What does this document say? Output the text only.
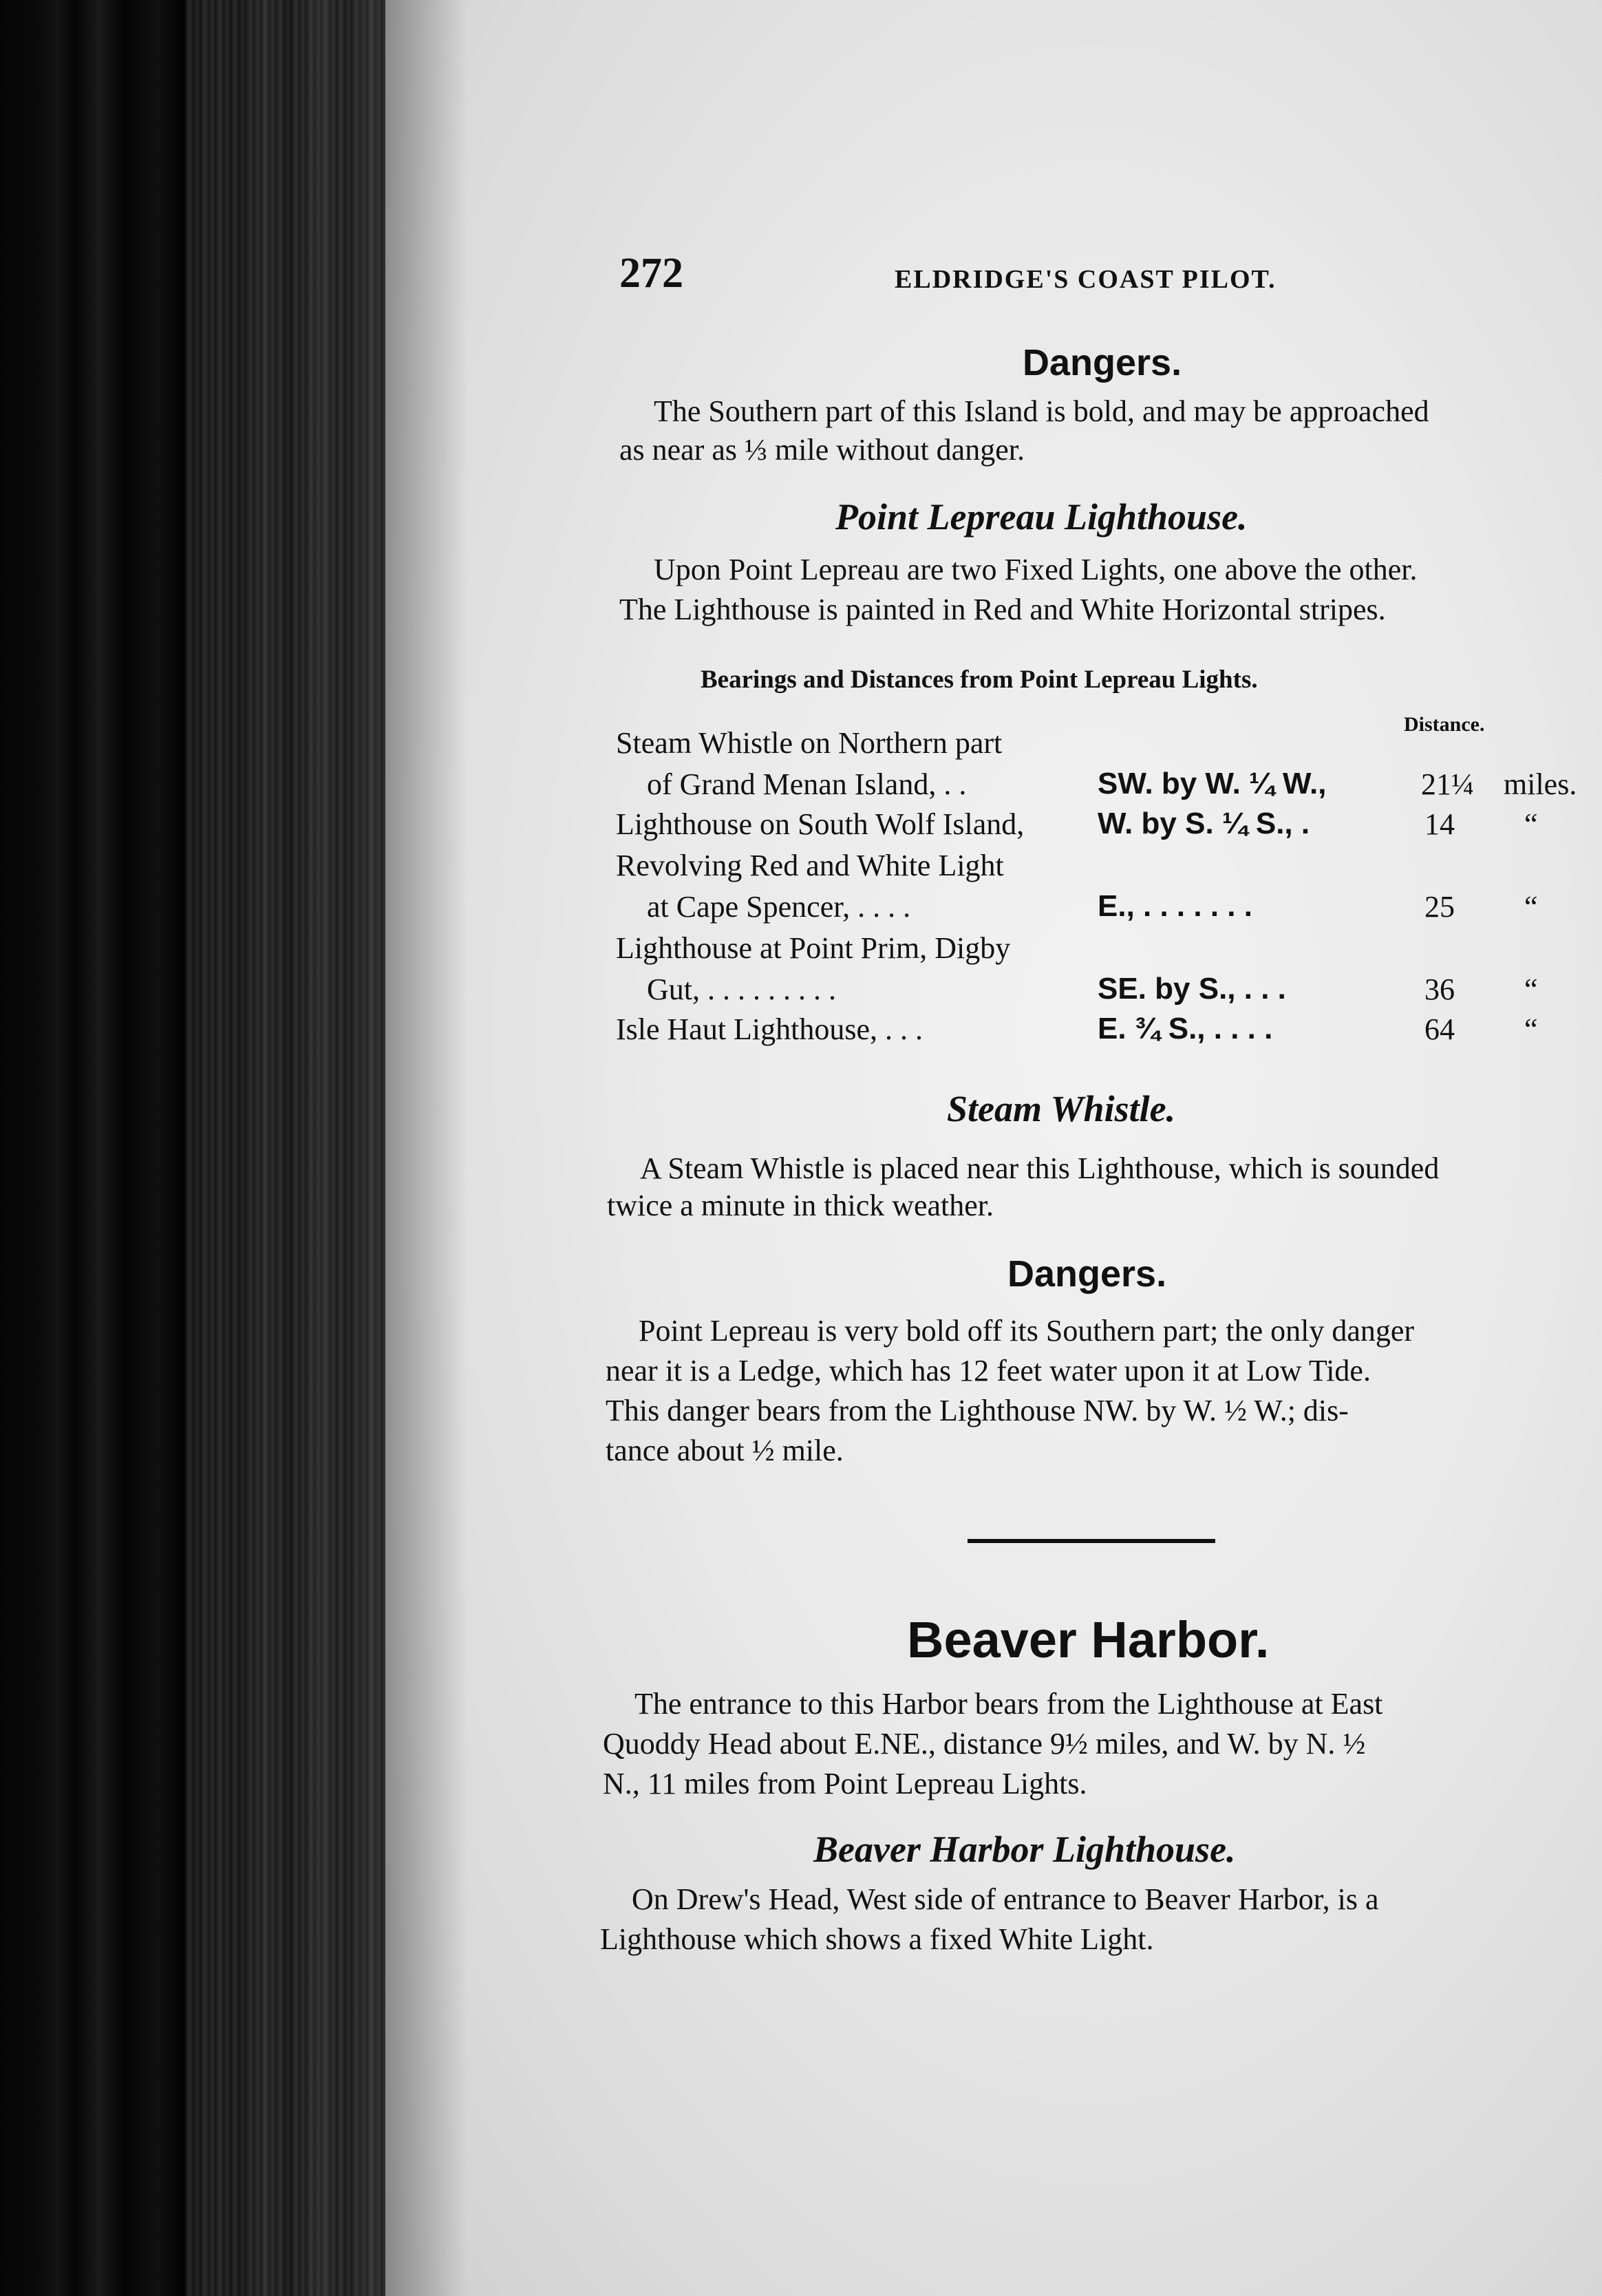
272	ELDRIDGE'S COAST PILOT.
Dangers.
The Southern part of this Island is bold, and may be approached
as near as ⅓ mile without danger.
Point Lepreau Lighthouse.
Upon Point Lepreau are two Fixed Lights, one above the other.
The Lighthouse is painted in Red and White Horizontal stripes.
Bearings and Distances from Point Lepreau Lights.
Distance.
Steam Whistle on Northern part
of Grand Menan Island, . .	SW. by W. ¼ W.,	21¼ miles.
Lighthouse on South Wolf Island, W. by S. ¼ S., .	14 “
Revolving Red and White Light
at Cape Spencer, . . . .	E., . . . . . . .	25 “
Lighthouse at Point Prim, Digby
Gut, . . . . . . . . .	SE. by S., . . .	36 “
Isle Haut Lighthouse, . . .	E. ¾ S., . . . .	64 “
Steam Whistle.
A Steam Whistle is placed near this Lighthouse, which is sounded
twice a minute in thick weather.
Dangers.
Point Lepreau is very bold off its Southern part; the only danger
near it is a Ledge, which has 12 feet water upon it at Low Tide.
This danger bears from the Lighthouse NW. by W. ½ W.; dis-
tance about ½ mile.
Beaver Harbor.
The entrance to this Harbor bears from the Lighthouse at East
Quoddy Head about E.NE., distance 9½ miles, and W. by N. ½
N., 11 miles from Point Lepreau Lights.
Beaver Harbor Lighthouse.
On Drew's Head, West side of entrance to Beaver Harbor, is a
Lighthouse which shows a fixed White Light.
